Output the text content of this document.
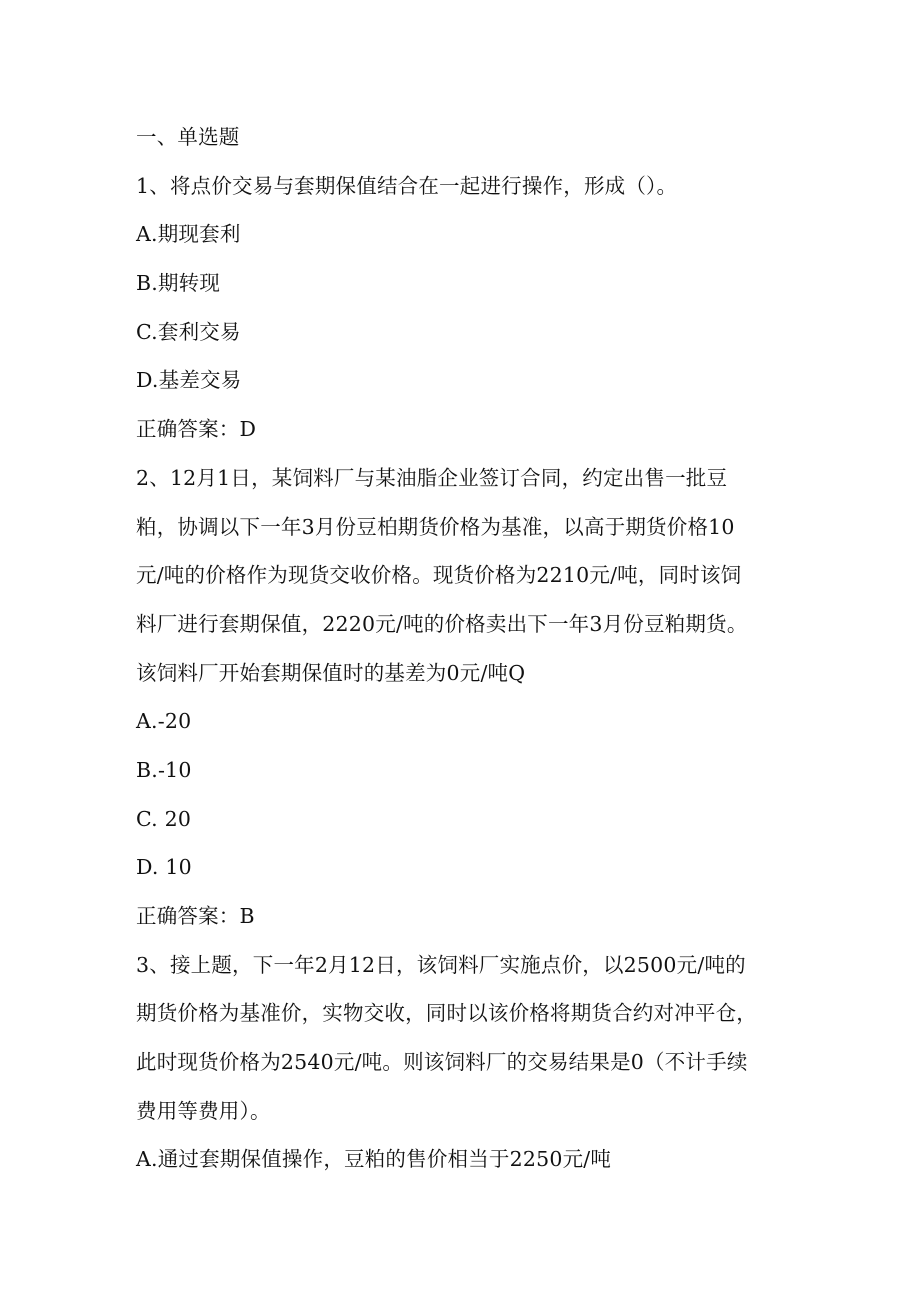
一、单选题

1、将点价交易与套期保值结合在一起进行操作，形成（）。

A.期现套利

B.期转现

C.套利交易

D.基差交易

正确答案：D

2、12月1日，某饲料厂与某油脂企业签订合同，约定出售一批豆

粕，协调以下一年3月份豆柏期货价格为基准，以高于期货价格10

元/吨的价格作为现货交收价格。现货价格为2210元/吨，同时该饲

料厂进行套期保值，2220元/吨的价格卖出下一年3月份豆粕期货。

该饲料厂开始套期保值时的基差为0元/吨Q

A.-20

B.-10

C. 20

D. 10

正确答案：B

3、接上题，下一年2月12日，该饲料厂实施点价，以2500元/吨的

期货价格为基准价，实物交收，同时以该价格将期货合约对冲平仓，

此时现货价格为2540元/吨。则该饲料厂的交易结果是0（不计手续

费用等费用）。

A.通过套期保值操作，豆粕的售价相当于2250元/吨
